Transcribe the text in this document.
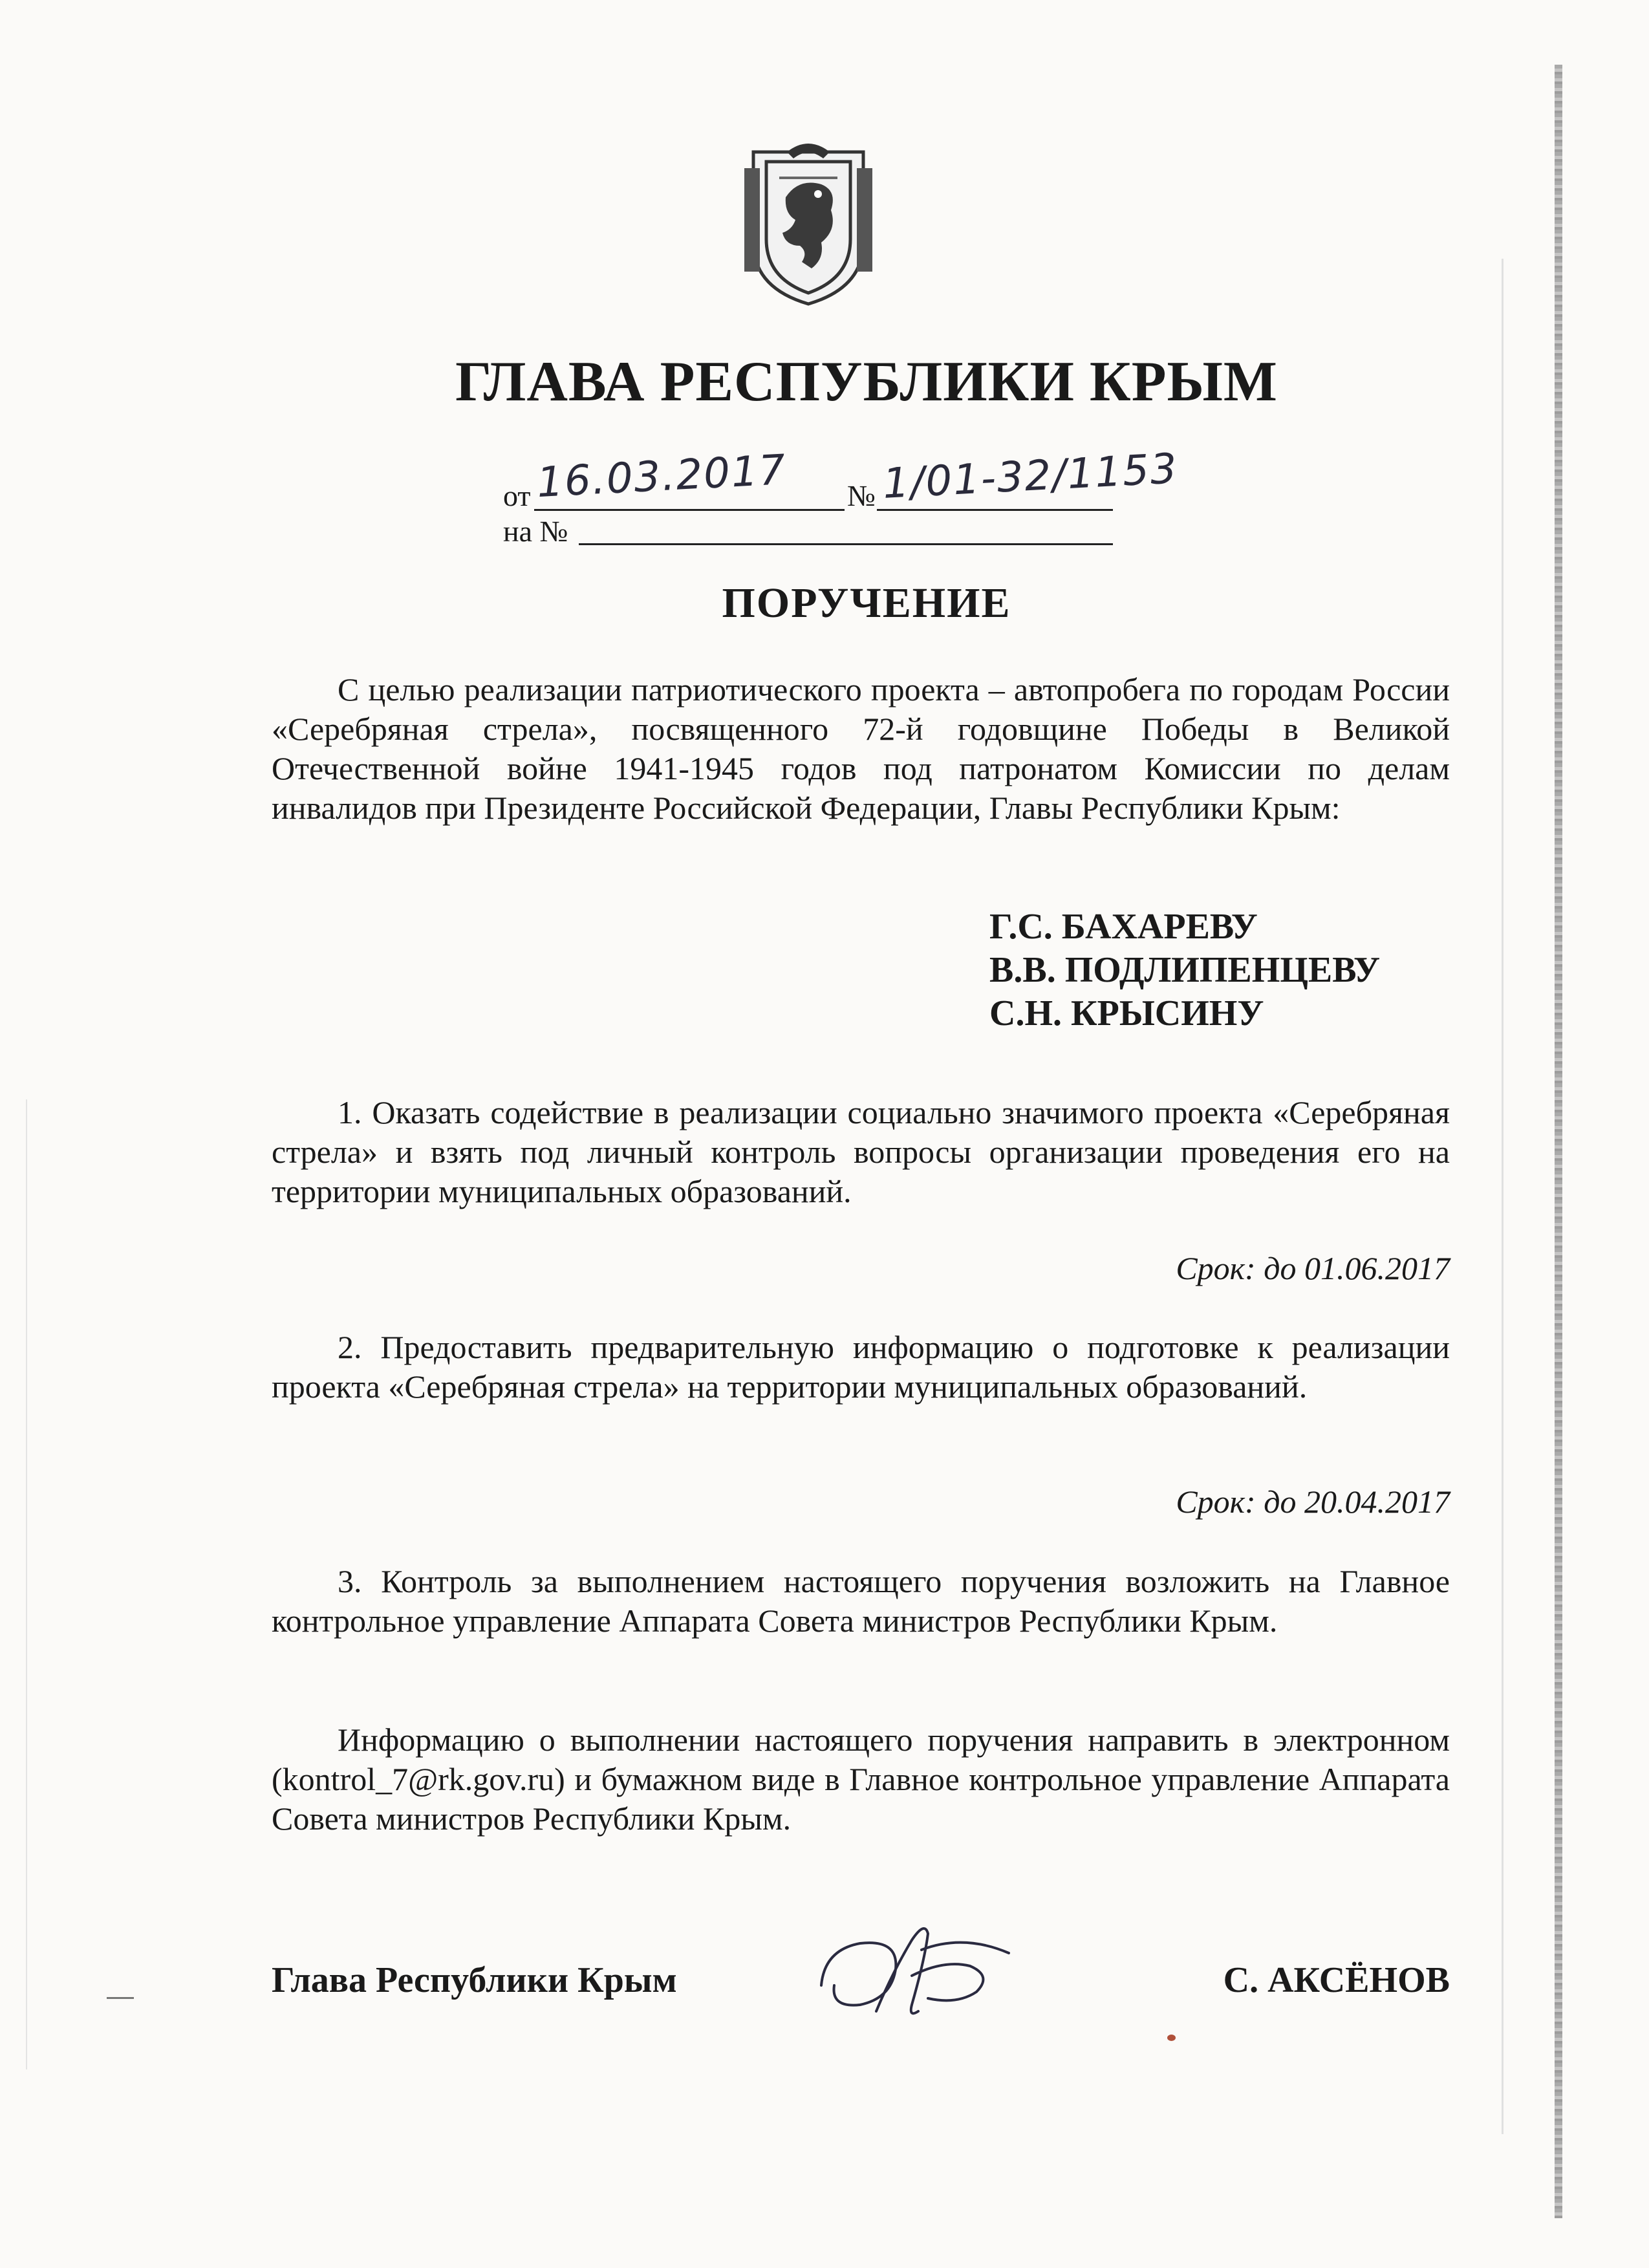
ГЛАВА РЕСПУБЛИКИ КРЫМ
от 16.03.2017 № 1/01-32/1153
на №
ПОРУЧЕНИЕ
С целью реализации патриотического проекта – автопробега по городам России «Серебряная стрела», посвященного 72-й годовщине Победы в Великой Отечественной войне 1941-1945 годов под патронатом Комиссии по делам инвалидов при Президенте Российской Федерации, Главы Республики Крым:
Г.С. БАХАРЕВУ
В.В. ПОДЛИПЕНЦЕВУ
С.Н. КРЫСИНУ
1. Оказать содействие в реализации социально значимого проекта «Серебряная стрела» и взять под личный контроль вопросы организации проведения его на территории муниципальных образований.
Срок: до 01.06.2017
2. Предоставить предварительную информацию о подготовке к реализации проекта «Серебряная стрела» на территории муниципальных образований.
Срок: до 20.04.2017
3. Контроль за выполнением настоящего поручения возложить на Главное контрольное управление Аппарата Совета министров Республики Крым.
Информацию о выполнении настоящего поручения направить в электронном (kontrol_7@rk.gov.ru) и бумажном виде в Главное контрольное управление Аппарата Совета министров Республики Крым.
Глава Республики Крым	С. АКСЁНОВ
